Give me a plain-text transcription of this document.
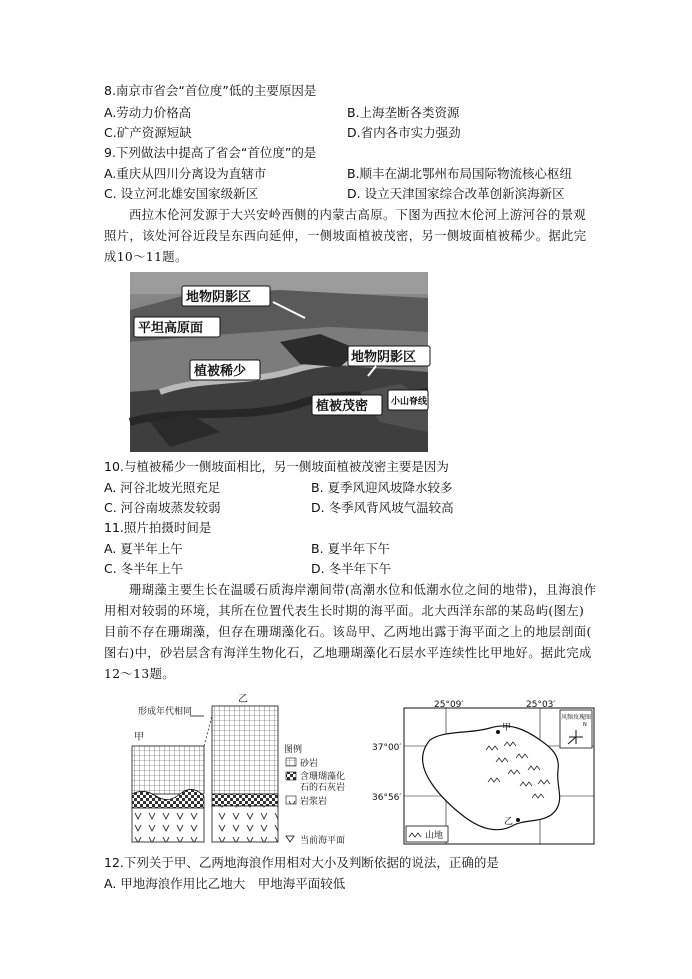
8.南京市省会“首位度”低的主要原因是
A.劳动力价格高	B.上海垄断各类资源
C.矿产资源短缺	D.省内各市实力强劲
9.下列做法中提高了省会“首位度”的是
A.重庆从四川分离设为直辖市	B.顺丰在湖北鄂州布局国际物流核心枢纽
C. 设立河北雄安国家级新区	D. 设立天津国家综合改革创新滨海新区

西拉木伦河发源于大兴安岭西侧的内蒙古高原。下图为西拉木伦河上游河谷的景观

照片，该处河谷近段呈东西向延伸，一侧坡面植被茂密，另一侧坡面植被稀少。据此完

成10～11题。

地物阴影区
平坦高原面
地物阴影区
植被稀少
植被茂密	小山脊线
10.与植被稀少一侧坡面相比，另一侧坡面植被茂密主要是因为
A. 河谷北坡光照充足	B. 夏季风迎风坡降水较多
C. 河谷南坡蒸发较弱	D. 冬季风背风坡气温较高
11.照片拍摄时间是
A. 夏半年上午	B. 夏半年下午
C. 冬半年上午	D. 冬半年下午

珊瑚藻主要生长在温暖石质海岸潮间带(高潮水位和低潮水位之间的地带)，且海浪作

用相对较弱的环境，其所在位置代表生长时期的海平面。北大西洋东部的某岛屿(图左)

目前不存在珊瑚藻，但存在珊瑚藻化石。该岛甲、乙两地出露于海平面之上的地层剖面(

图右)中，砂岩层含有海洋生物化石，乙地珊瑚藻化石层水平连续性比甲地好。据此完成

12～13题。

形成年代相同
甲
乙
图例
砂岩
含珊瑚藻化
石的石灰岩
岩浆岩
当前海平面
25°09′	25°03′
37°00′
36°56′
甲
乙
风频玫瑰图
N
山地
12.下列关于甲、乙两地海浪作用相对大小及判断依据的说法，正确的是
A. 甲地海浪作用比乙地大　甲地海平面较低
